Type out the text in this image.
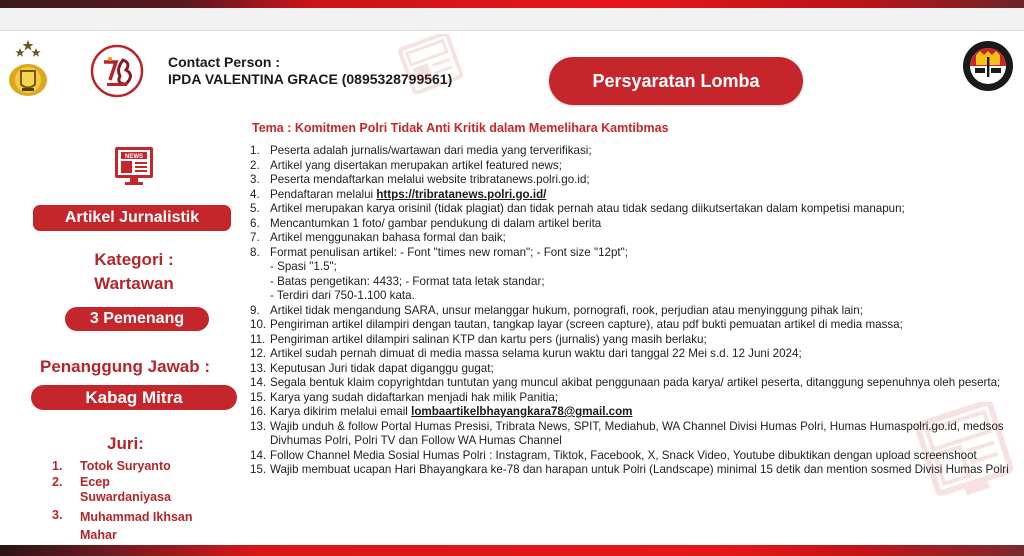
Contact Person :
IPDA VALENTINA GRACE (0895328799561)	Persyaratan Lomba
NEWS
Artikel Jurnalistik
Kategori :
Wartawan
3 Pemenang
Penanggung Jawab :
Kabag Mitra
Juri:
1.	Totok Suryanto
2.	Ecep Suwardaniyasa
3.	Muhammad Ikhsan Mahar
Tema : Komitmen Polri Tidak Anti Kritik dalam Memelihara Kamtibmas
1. Peserta adalah jurnalis/wartawan dari media yang terverifikasi;
2. Artikel yang disertakan merupakan artikel featured news;
3. Peserta mendaftarkan melalui website tribratanews.polri.go.id;
4. Pendaftaran melalui https://tribratanews.polri.go.id/
5. Artikel merupakan karya orisinil (tidak plagiat) dan tidak pernah atau tidak sedang diikutsertakan dalam kompetisi manapun;
6. Mencantumkan 1 foto/ gambar pendukung di dalam artikel berita
7. Artikel menggunakan bahasa formal dan baik;
8. Format penulisan artikel: - Font "times new roman"; - Font size "12pt";
- Spasi "1.5";
- Batas pengetikan: 4433; - Format tata letak standar;
- Terdiri dari 750-1.100 kata.
9. Artikel tidak mengandung SARA, unsur melanggar hukum, pornografi, rook, perjudian atau menyinggung pihak lain;
10. Pengiriman artikel dilampiri dengan tautan, tangkap layar (screen capture), atau pdf bukti pemuatan artikel di media massa;
11. Pengiriman artikel dilampiri salinan KTP dan kartu pers (jurnalis) yang masih berlaku;
12. Artikel sudah pernah dimuat di media massa selama kurun waktu dari tanggal 22 Mei s.d. 12 Juni 2024;
13. Keputusan Juri tidak dapat diganggu gugat;
14. Segala bentuk klaim copyrightdan tuntutan yang muncul akibat penggunaan pada karya/ artikel peserta, ditanggung sepenuhnya oleh peserta;
15. Karya yang sudah didaftarkan menjadi hak milik Panitia;
16. Karya dikirim melalui email lombaartikelbhayangkara78@gmail.com
13. Wajib unduh & follow Portal Humas Presisi, Tribrata News, SPIT, Mediahub, WA Channel Divisi Humas Polri, Humas Humaspolri.go.id, medsos Divhumas Polri, Polri TV dan Follow WA Humas Channel
14. Follow Channel Media Sosial Humas Polri : Instagram, Tiktok, Facebook, X, Snack Video, Youtube dibuktikan dengan upload screenshoot
15. Wajib membuat ucapan Hari Bhayangkara ke-78 dan harapan untuk Polri (Landscape) minimal 15 detik dan mention sosmed Divisi Humas Polri
